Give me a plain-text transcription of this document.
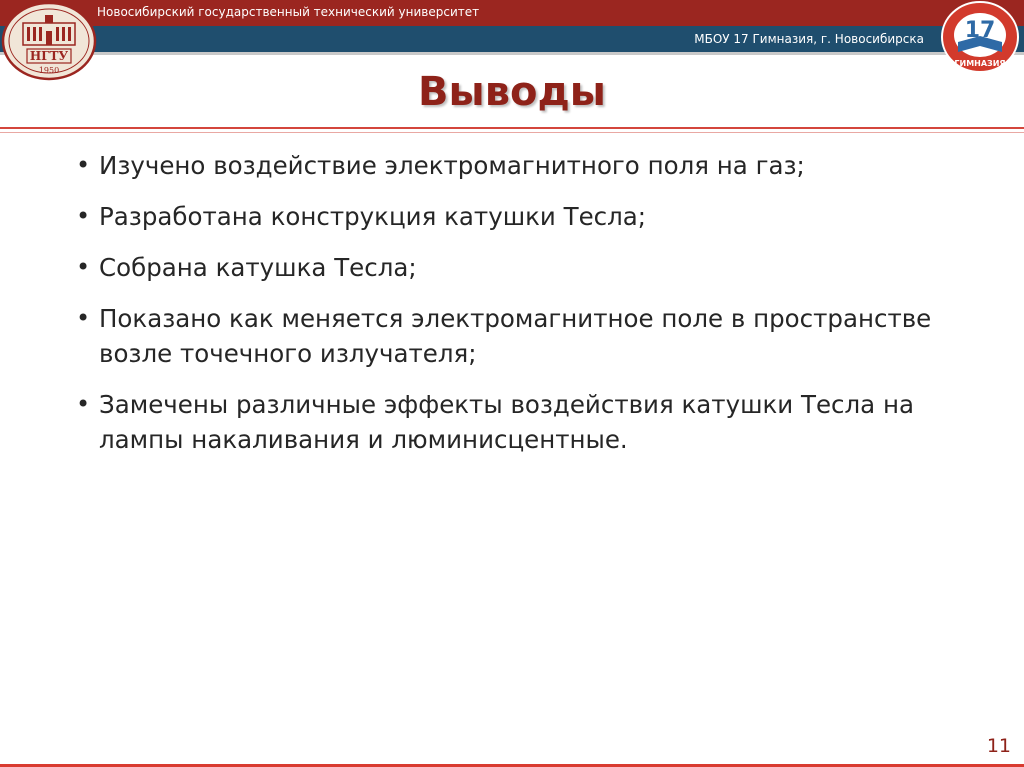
Новосибирский государственный технический университет
МБОУ 17 Гимназия, г. Новосибирска
НГТУ
1950
17
ГИМНАЗИЯ
Выводы
• Изучено воздействие электромагнитного поля на газ;
• Разработана конструкция катушки Тесла;
• Собрана катушка Тесла;
• Показано как меняется электромагнитное поле в пространстве возле точечного излучателя;
• Замечены различные эффекты воздействия катушки Тесла на лампы накаливания и люминисцентные.
11
